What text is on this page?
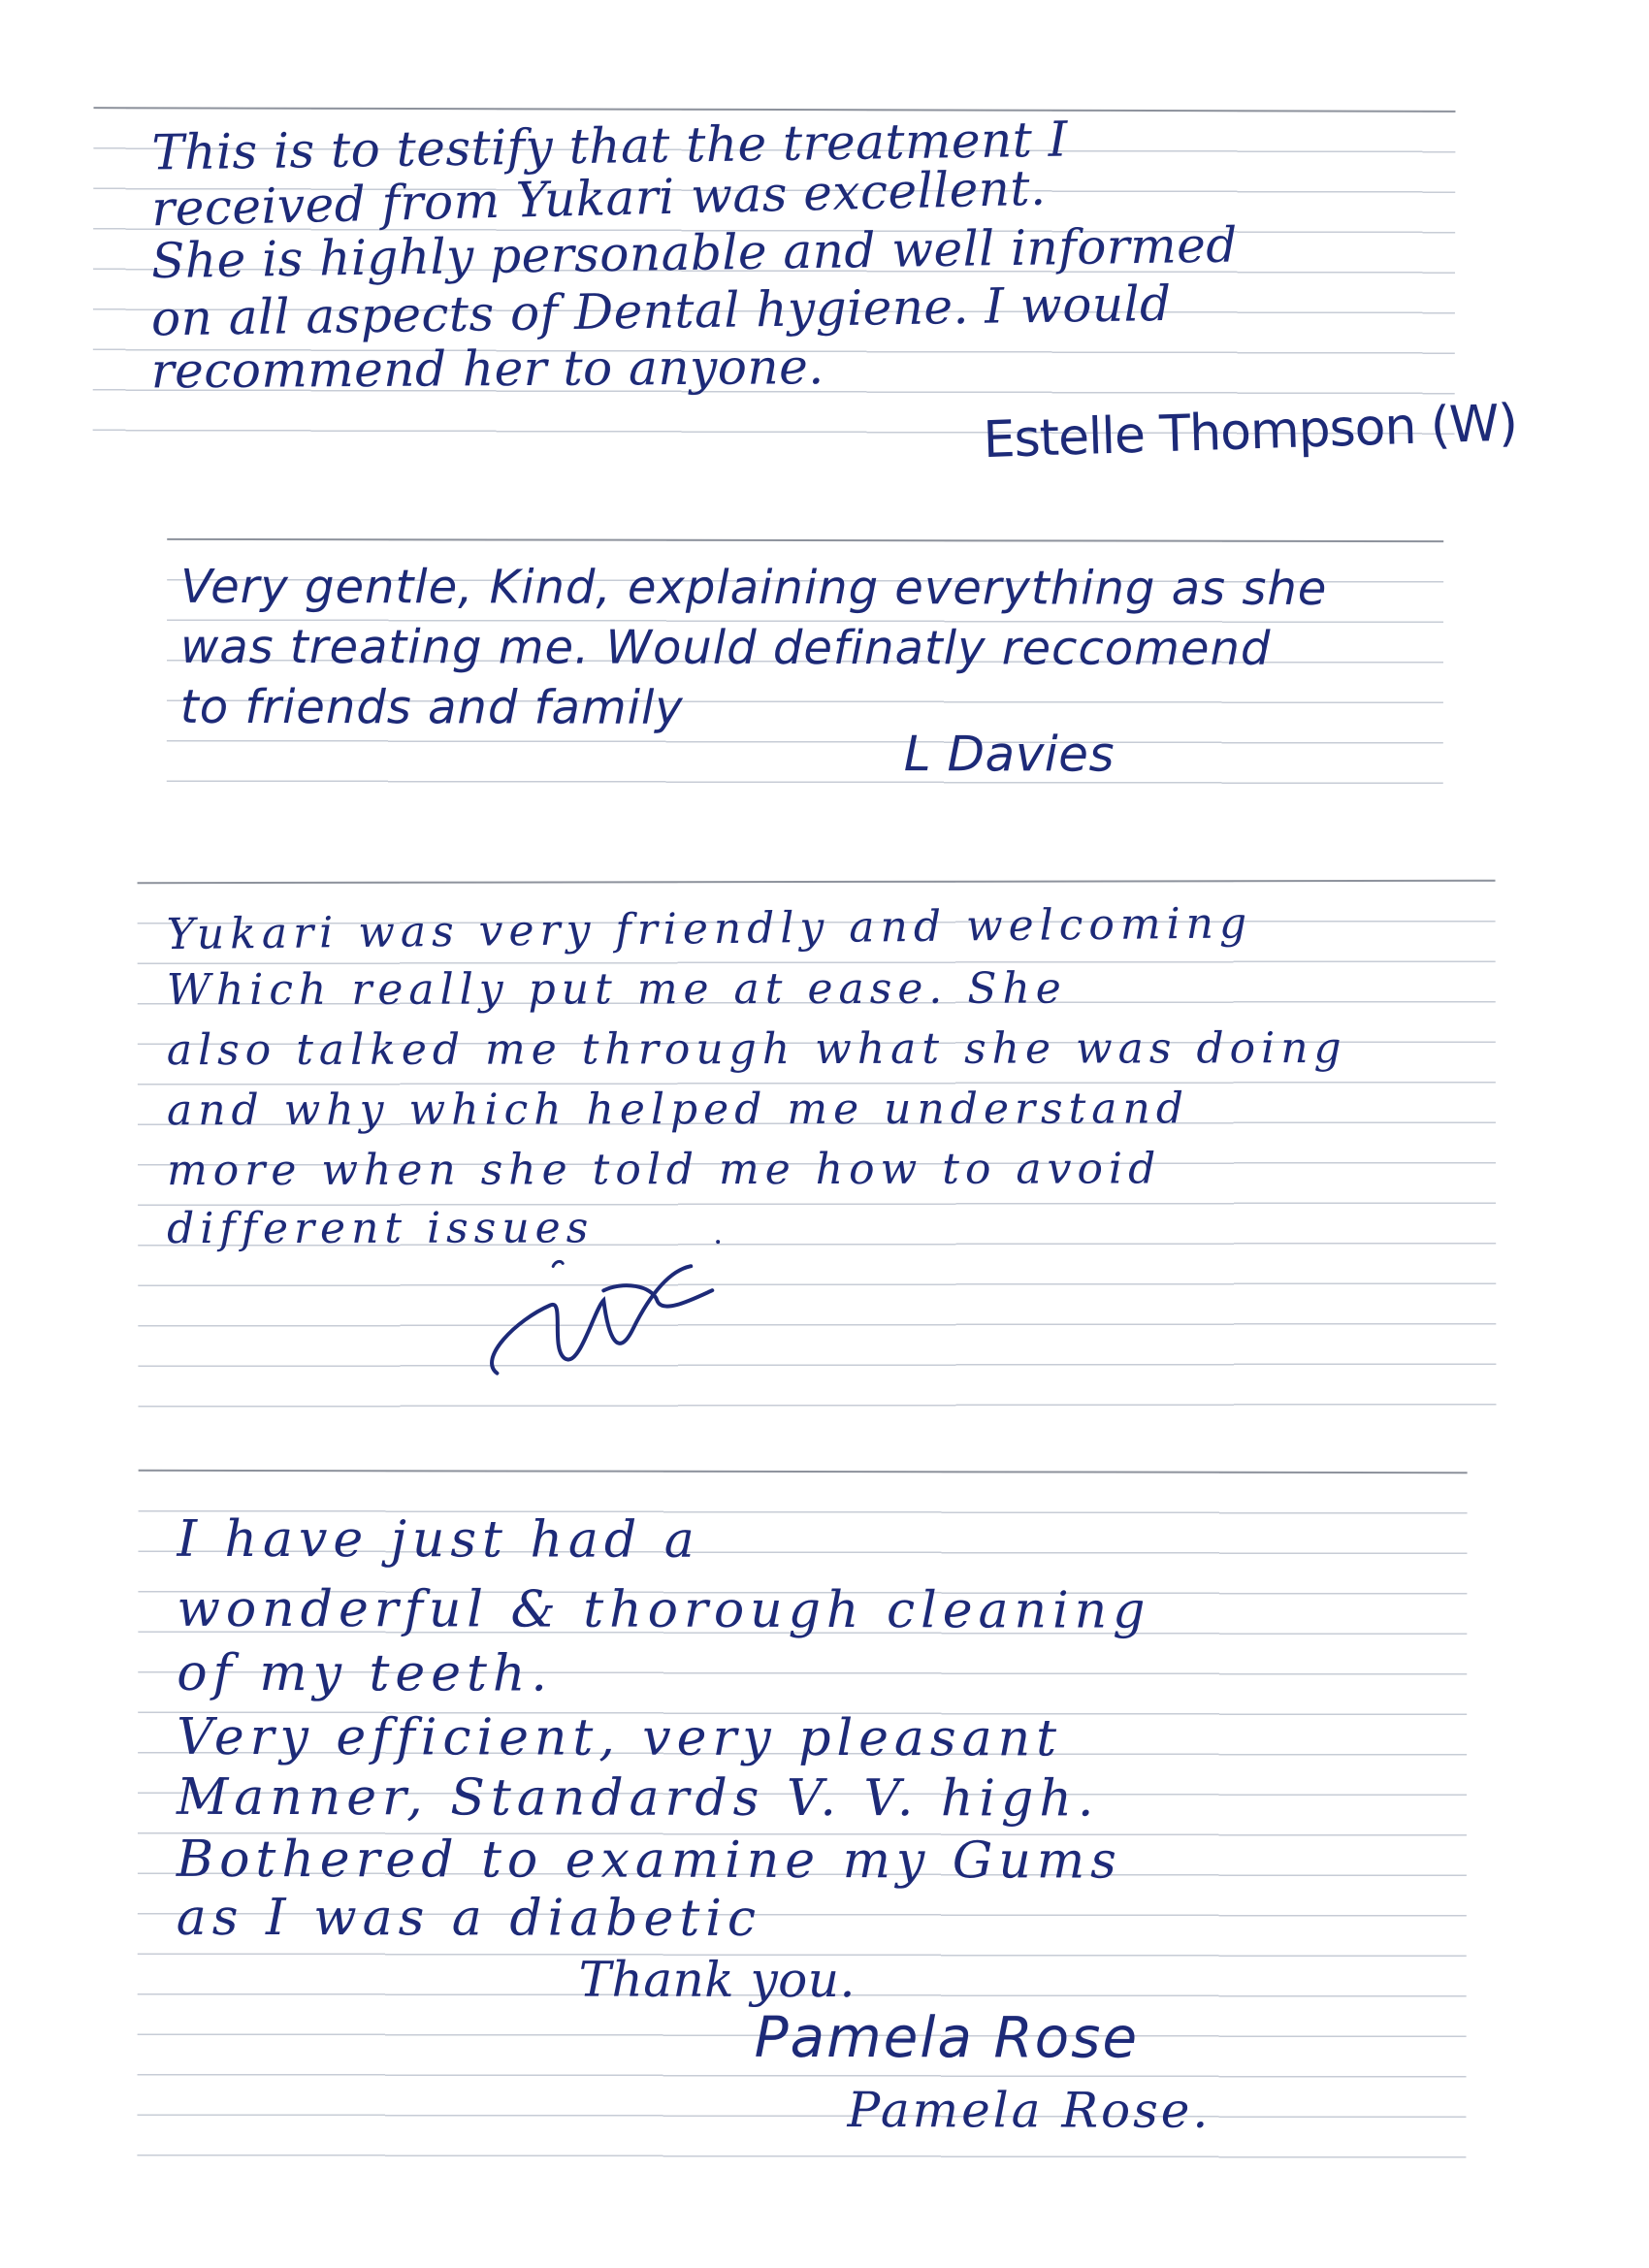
This is to testify that the treatment I
received from Yukari was excellent.
She is highly personable and well informed
on all aspects of Dental hygiene. I would
recommend her to anyone.
Estelle Thompson (W)
Very gentle, Kind, explaining everything as she
was treating me. Would definatly reccomend
to friends and family
L Davies
Yukari was very friendly and welcoming
Which really put me at ease. She
also talked me through what she was doing
and why which helped me understand
more when she told me how to avoid
different issues
I have just had a
wonderful & thorough cleaning
of my teeth.
Very efficient, very pleasant
Manner, Standards V. V. high.
Bothered to examine my Gums
as I was a diabetic
Thank you.
Pamela Rose
Pamela Rose.
